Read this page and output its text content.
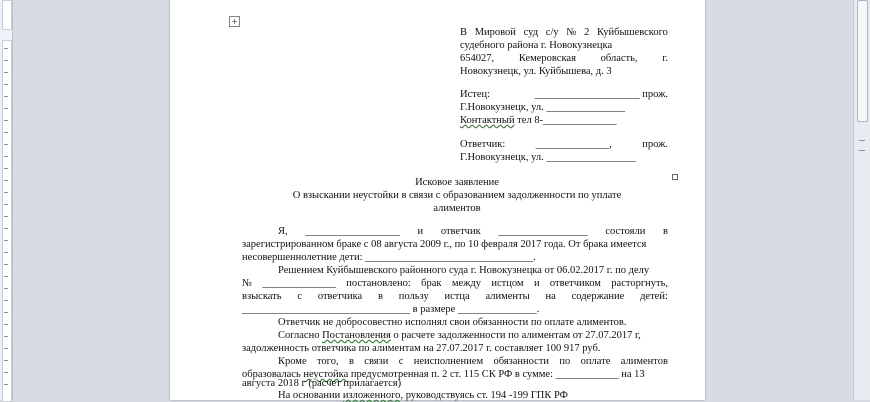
+
В Мировой суд с/у № 2 Куйбышевского
судебного района г. Новокузнецка
654027, Кемеровская область, г.
Новокузнецк, ул. Куйбышева, д. 3
Истец:	____________________ прож.
Г.Новокузнецк, ул. _______________
Контактный тел 8-______________
Ответчик:	______________,	прож.
Г.Новокузнецк, ул. _________________
Исковое заявление
О взыскании неустойки в связи с образованием задолженности по уплате
алиментов
Я, __________________ и ответчик _________________ состояли в
зарегистрированном браке с 08 августа 2009 г., по 10 февраля 2017 года. От брака имеется
несовершеннолетние дети: ________________________________.
Решением Куйбышевского районного суда г. Новокузнецка от 06.02.2017 г. по делу
№ ______________ постановлено: брак между истцом и ответчиком расторгнуть,
взыскать с ответчика в пользу истца алименты на содержание детей:
________________________________ в размере _______________.
Ответчик не добросовестно исполнял свои обязанности по оплате алиментов.
Согласно Постановления о расчете задолженности по алиментам от 27.07.2017 г,
задолженность ответчика по алиментам на 27.07.2017 г. составляет 100 917 руб.
Кроме того, в связи с неисполнением обязанности по оплате алиментов
образовалась неустойка предусмотренная п. 2 ст. 115 СК РФ в сумме: ____________ на 13
августа 2018 г (расчет прилагается)
На основании изложенного, руководствуясь ст. 194 -199 ГПК РФ
